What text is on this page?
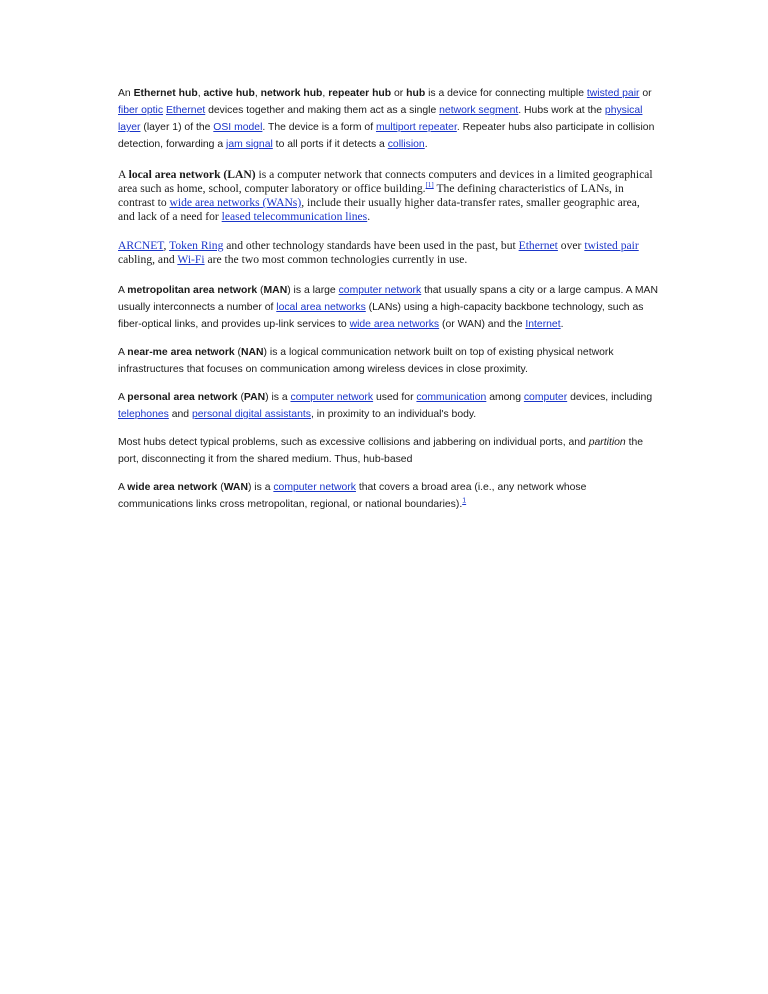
An Ethernet hub, active hub, network hub, repeater hub or hub is a device for connecting multiple twisted pair or fiber optic Ethernet devices together and making them act as a single network segment. Hubs work at the physical layer (layer 1) of the OSI model. The device is a form of multiport repeater. Repeater hubs also participate in collision detection, forwarding a jam signal to all ports if it detects a collision.

A local area network (LAN) is a computer network that connects computers and devices in a limited geographical area such as home, school, computer laboratory or office building.[1] The defining characteristics of LANs, in contrast to wide area networks (WANs), include their usually higher data-transfer rates, smaller geographic area, and lack of a need for leased telecommunication lines.

ARCNET, Token Ring and other technology standards have been used in the past, but Ethernet over twisted pair cabling, and Wi-Fi are the two most common technologies currently in use.

A metropolitan area network (MAN) is a large computer network that usually spans a city or a large campus. A MAN usually interconnects a number of local area networks (LANs) using a high-capacity backbone technology, such as fiber-optical links, and provides up-link services to wide area networks (or WAN) and the Internet.

A near-me area network (NAN) is a logical communication network built on top of existing physical network infrastructures that focuses on communication among wireless devices in close proximity.

A personal area network (PAN) is a computer network used for communication among computer devices, including telephones and personal digital assistants, in proximity to an individual's body.

Most hubs detect typical problems, such as excessive collisions and jabbering on individual ports, and partition the port, disconnecting it from the shared medium. Thus, hub-based

A wide area network (WAN) is a computer network that covers a broad area (i.e., any network whose communications links cross metropolitan, regional, or national boundaries).$^1$
